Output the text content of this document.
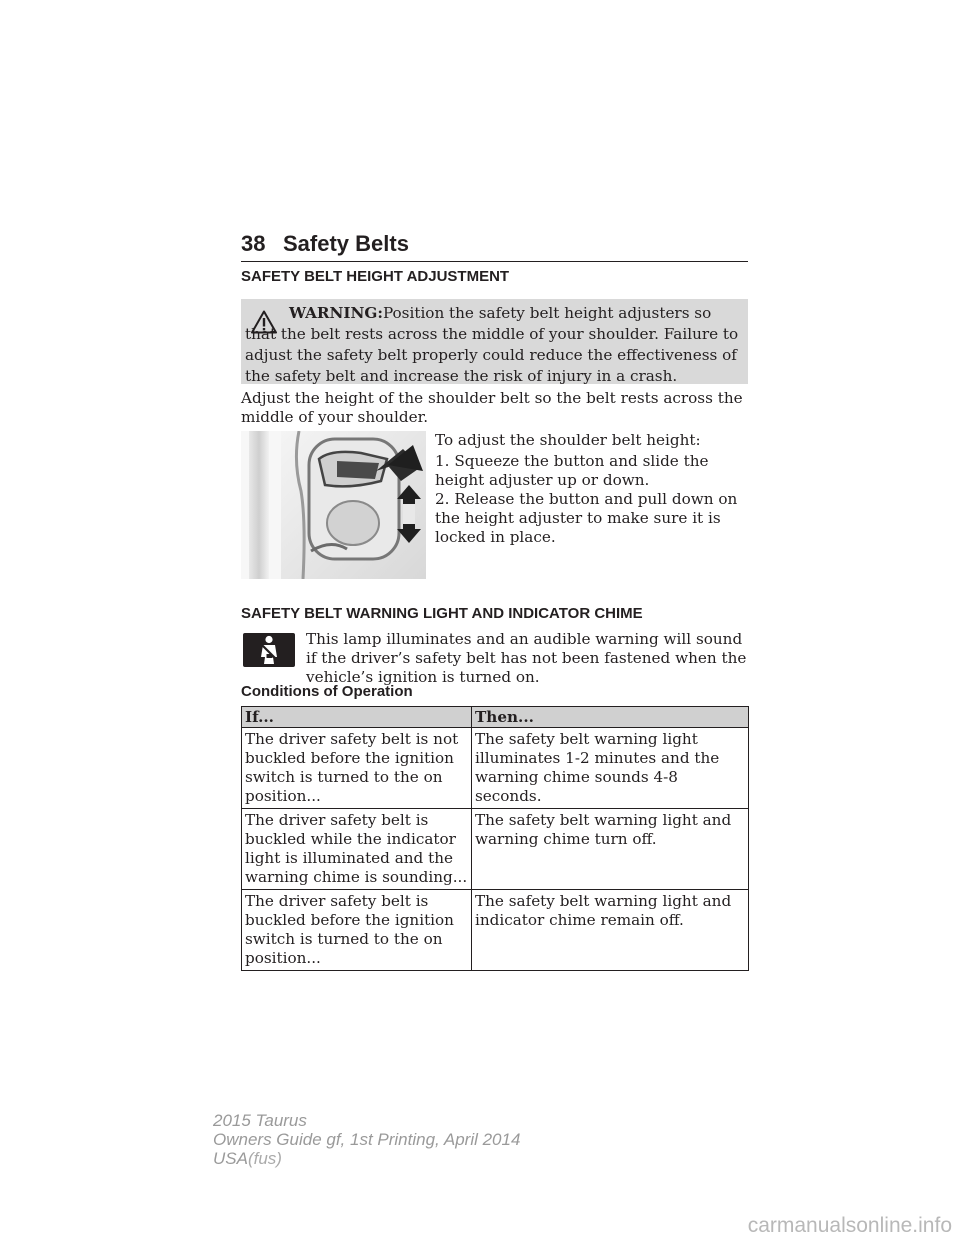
38 Safety Belts
SAFETY BELT HEIGHT ADJUSTMENT

WARNING:Position the safety belt height adjusters so that the belt rests across the middle of your shoulder. Failure to adjust the safety belt properly could reduce the effectiveness of the safety belt and increase the risk of injury in a crash.

Adjust the height of the shoulder belt so the belt rests across the middle of your shoulder.

To adjust the shoulder belt height:

1. Squeeze the button and slide the height adjuster up or down.

2. Release the button and pull down on the height adjuster to make sure it is locked in place.

SAFETY BELT WARNING LIGHT AND INDICATOR CHIME

This lamp illuminates and an audible warning will sound if the driver’s safety belt has not been fastened when the vehicle’s ignition is turned on.

Conditions of Operation
If...	Then...
The driver safety belt is not buckled before the ignition switch is turned to the on position...	The safety belt warning light illuminates 1-2 minutes and the warning chime sounds 4-8 seconds.
The driver safety belt is buckled while the indicator light is illuminated and the warning chime is sounding...	The safety belt warning light and warning chime turn off.
The driver safety belt is buckled before the ignition switch is turned to the on position...	The safety belt warning light and indicator chime remain off.
2015 Taurus
Owners Guide gf, 1st Printing, April 2014
USA(fus)
carmanualsonline.info
